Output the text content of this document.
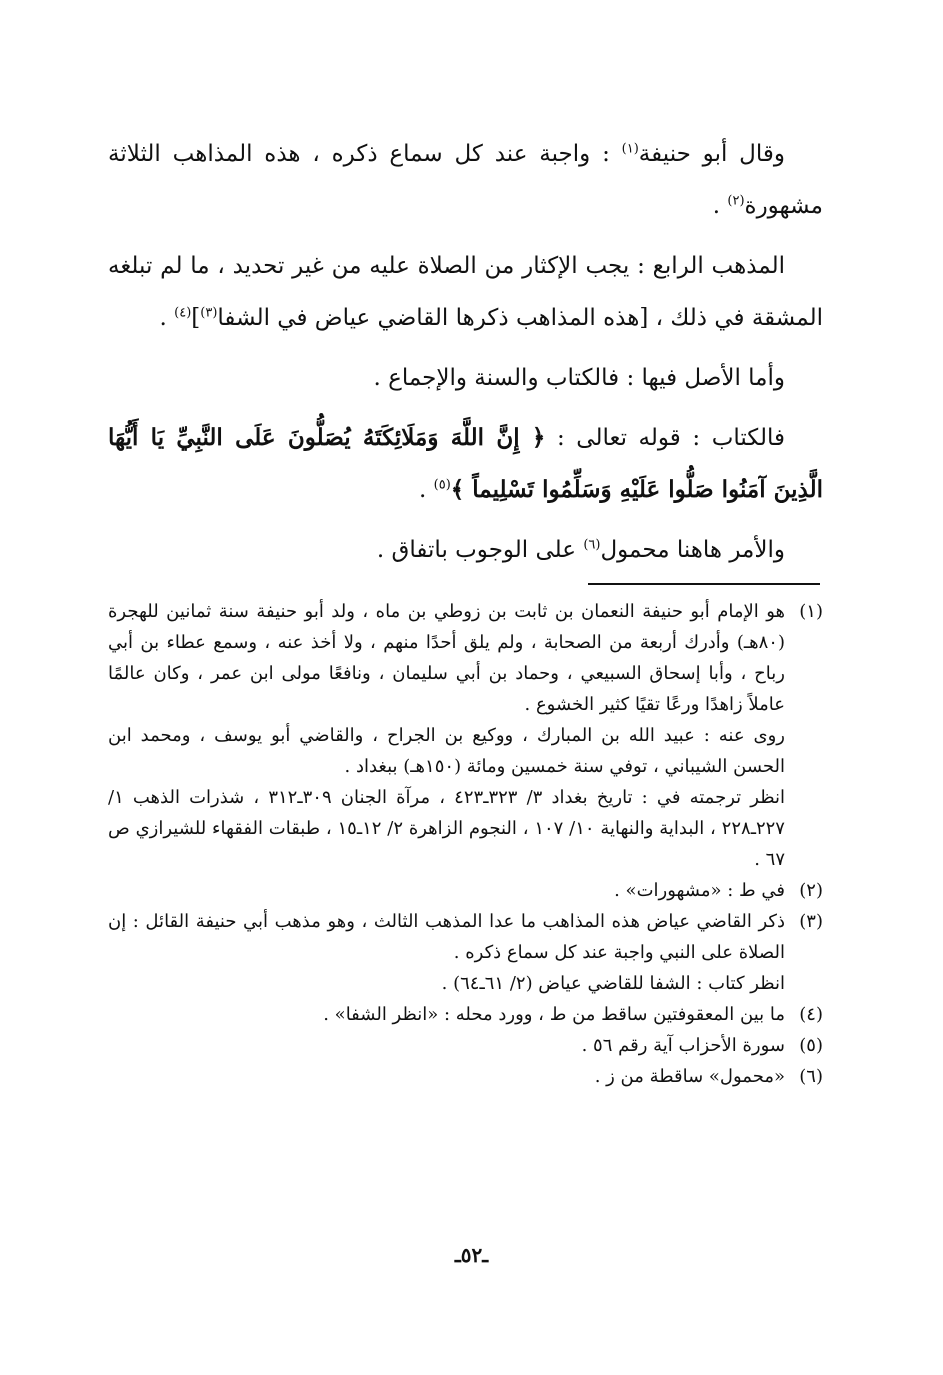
وقال أبو حنيفة$^{(١)}$ : واجبة عند كل سماع ذكره ، هذه المذاهب الثلاثة مشهورة$^{(٢)}$ .

المذهب الرابع : يجب الإكثار من الصلاة عليه من غير تحديد ، ما لم تبلغه المشقة في ذلك ، [هذه المذاهب ذكرها القاضي عياض في الشفا$^{(٣)}$]$^{(٤)}$ .

وأما الأصل فيها : فالكتاب والسنة والإجماع .

فالكتاب : قوله تعالى : ﴿ إِنَّ اللَّهَ وَمَلَائِكَتَهُ يُصَلُّونَ عَلَى النَّبِيِّ يَا أَيُّهَا الَّذِينَ آمَنُوا صَلُّوا عَلَيْهِ وَسَلِّمُوا تَسْلِيماً ﴾$^{(٥)}$ .

والأمر هاهنا محمول$^{(٦)}$ على الوجوب باتفاق .

(١)

هو الإمام أبو حنيفة النعمان بن ثابت بن زوطي بن ماه ، ولد أبو حنيفة سنة ثمانين للهجرة (٨٠هـ) وأدرك أربعة من الصحابة ، ولم يلق أحدًا منهم ، ولا أخذ عنه ، وسمع عطاء بن أبي رباح ، وأبا إسحاق السبيعي ، وحماد بن أبي سليمان ، ونافعًا مولى ابن عمر ، وكان عالمًا عاملاً زاهدًا ورعًا تقيًا كثير الخشوع .

روى عنه : عبيد الله بن المبارك ، ووكيع بن الجراح ، والقاضي أبو يوسف ، ومحمد ابن الحسن الشيباني ، توفي سنة خمسين ومائة (١٥٠هـ) ببغداد .

انظر ترجمته في : تاريخ بغداد ٣/ ٣٢٣ـ٤٢٣ ، مرآة الجنان ٣٠٩ـ٣١٢ ، شذرات الذهب ١/ ٢٢٧ـ٢٢٨ ، البداية والنهاية ١٠/ ١٠٧ ، النجوم الزاهرة ٢/ ١٢ـ١٥ ، طبقات الفقهاء للشيرازي ص ٦٧ .

(٢)

في ط : «مشهورات» .

(٣)

ذكر القاضي عياض هذه المذاهب ما عدا المذهب الثالث ، وهو مذهب أبي حنيفة القائل : إن الصلاة على النبي واجبة عند كل سماع ذكره .

انظر كتاب : الشفا للقاضي عياض (٢/ ٦١ـ٦٤) .

(٤)

ما بين المعقوفتين ساقط من ط ، وورد محله : «انظر الشفا» .

(٥)

سورة الأحزاب آية رقم ٥٦ .

(٦)

«محمول» ساقطة من ز .

ـ٥٢ـ
